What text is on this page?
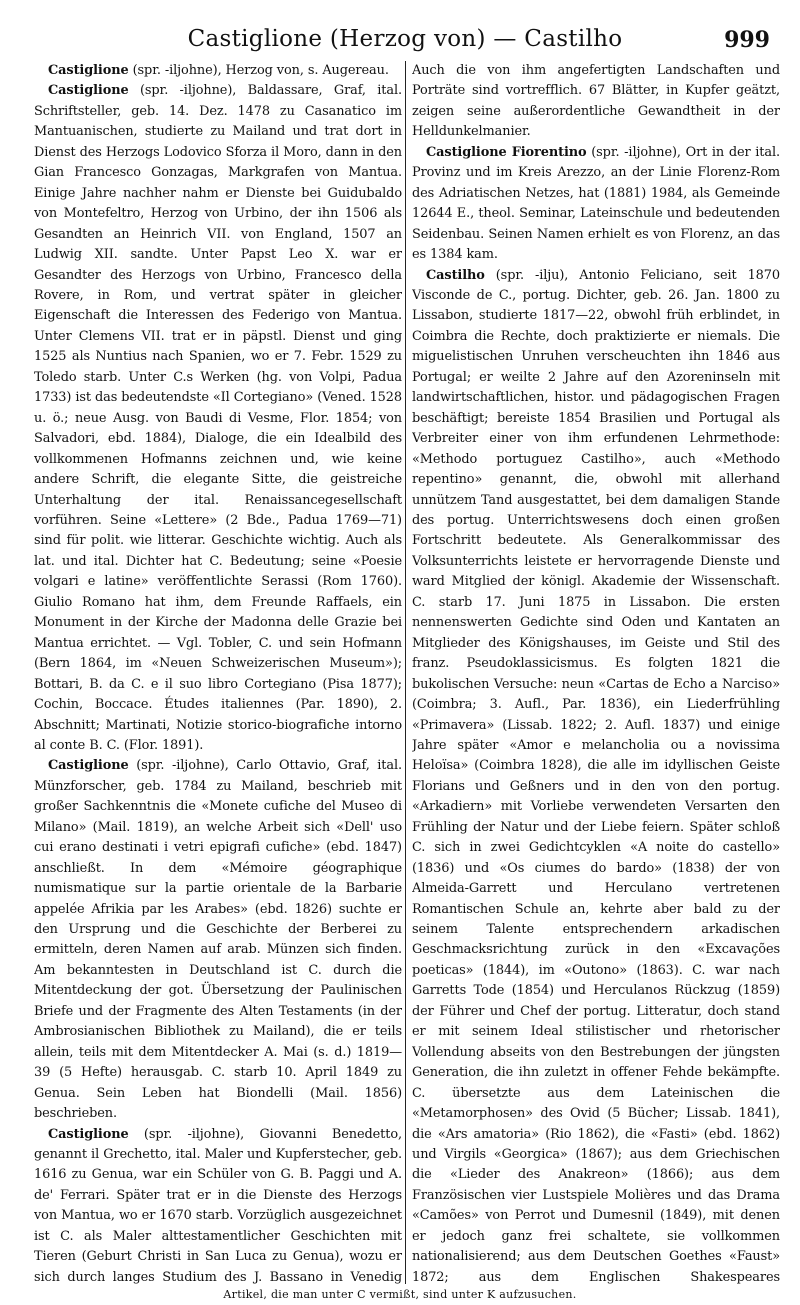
Castiglione (Herzog von) — Castilho	999

Castiglione (spr. -iljohne), Herzog von, s. Augereau.

Castiglione (spr. -iljohne), Baldassare, Graf, ital. Schriftsteller, geb. 14. Dez. 1478 zu Casanatico im Mantuanischen, studierte zu Mailand und trat dort in Dienst des Herzogs Lodovico Sforza il Moro, dann in den Gian Francesco Gonzagas, Markgrafen von Mantua. Einige Jahre nachher nahm er Dienste bei Guidubaldo von Montefeltro, Herzog von Urbino, der ihn 1506 als Gesandten an Heinrich VII. von England, 1507 an Ludwig XII. sandte. Unter Papst Leo X. war er Gesandter des Herzogs von Urbino, Francesco della Rovere, in Rom, und vertrat später in gleicher Eigenschaft die Interessen des Federigo von Mantua. Unter Clemens VII. trat er in päpstl. Dienst und ging 1525 als Nuntius nach Spanien, wo er 7. Febr. 1529 zu Toledo starb. Unter C.s Werken (hg. von Volpi, Padua 1733) ist das bedeutendste «Il Cortegiano» (Vened. 1528 u. ö.; neue Ausg. von Baudi di Vesme, Flor. 1854; von Salvadori, ebd. 1884), Dialoge, die ein Idealbild des vollkommenen Hofmanns zeichnen und, wie keine andere Schrift, die elegante Sitte, die geistreiche Unterhaltung der ital. Renaissancegesellschaft vorführen. Seine «Lettere» (2 Bde., Padua 1769—71) sind für polit. wie litterar. Geschichte wichtig. Auch als lat. und ital. Dichter hat C. Bedeutung; seine «Poesie volgari e latine» veröffentlichte Serassi (Rom 1760). Giulio Romano hat ihm, dem Freunde Raffaels, ein Monument in der Kirche der Madonna delle Grazie bei Mantua errichtet. — Vgl. Tobler, C. und sein Hofmann (Bern 1864, im «Neuen Schweizerischen Museum»); Bottari, B. da C. e il suo libro Cortegiano (Pisa 1877); Cochin, Boccace. Études italiennes (Par. 1890), 2. Abschnitt; Martinati, Notizie storico-biografiche intorno al conte B. C. (Flor. 1891).

Castiglione (spr. -iljohne), Carlo Ottavio, Graf, ital. Münzforscher, geb. 1784 zu Mailand, beschrieb mit großer Sachkenntnis die «Monete cufiche del Museo di Milano» (Mail. 1819), an welche Arbeit sich «Dell' uso cui erano destinati i vetri epigrafi cufiche» (ebd. 1847) anschließt. In dem «Mémoire géographique numismatique sur la partie orientale de la Barbarie appelée Afrikia par les Arabes» (ebd. 1826) suchte er den Ursprung und die Geschichte der Berberei zu ermitteln, deren Namen auf arab. Münzen sich finden. Am bekanntesten in Deutschland ist C. durch die Mitentdeckung der got. Übersetzung der Paulinischen Briefe und der Fragmente des Alten Testaments (in der Ambrosianischen Bibliothek zu Mailand), die er teils allein, teils mit dem Mitentdecker A. Mai (s. d.) 1819—39 (5 Hefte) herausgab. C. starb 10. April 1849 zu Genua. Sein Leben hat Biondelli (Mail. 1856) beschrieben.

Castiglione (spr. -iljohne), Giovanni Benedetto, genannt il Grechetto, ital. Maler und Kupferstecher, geb. 1616 zu Genua, war ein Schüler von G. B. Paggi und A. de' Ferrari. Später trat er in die Dienste des Herzogs von Mantua, wo er 1670 starb. Vorzüglich ausgezeichnet ist C. als Maler alttestamentlicher Geschichten mit Tieren (Geburt Christi in San Luca zu Genua), wozu er sich durch langes Studium des J. Bassano in Venedig

Auch die von ihm angefertigten Landschaften und Porträte sind vortrefflich. 67 Blätter, in Kupfer geätzt, zeigen seine außerordentliche Gewandtheit in der Helldunkelmanier.

Castiglione Fiorentino (spr. -iljohne), Ort in der ital. Provinz und im Kreis Arezzo, an der Linie Florenz-Rom des Adriatischen Netzes, hat (1881) 1984, als Gemeinde 12644 E., theol. Seminar, Lateinschule und bedeutenden Seidenbau. Seinen Namen erhielt es von Florenz, an das es 1384 kam.

Castilho (spr. -ilju), Antonio Feliciano, seit 1870 Visconde de C., portug. Dichter, geb. 26. Jan. 1800 zu Lissabon, studierte 1817—22, obwohl früh erblindet, in Coimbra die Rechte, doch praktizierte er niemals. Die miguelistischen Unruhen verscheuchten ihn 1846 aus Portugal; er weilte 2 Jahre auf den Azoreninseln mit landwirtschaftlichen, histor. und pädagogischen Fragen beschäftigt; bereiste 1854 Brasilien und Portugal als Verbreiter einer von ihm erfundenen Lehrmethode: «Methodo portuguez Castilho», auch «Methodo repentino» genannt, die, obwohl mit allerhand unnützem Tand ausgestattet, bei dem damaligen Stande des portug. Unterrichtswesens doch einen großen Fortschritt bedeutete. Als Generalkommissar des Volksunterrichts leistete er hervorragende Dienste und ward Mitglied der königl. Akademie der Wissenschaft. C. starb 17. Juni 1875 in Lissabon. Die ersten nennenswerten Gedichte sind Oden und Kantaten an Mitglieder des Königshauses, im Geiste und Stil des franz. Pseudoklassicismus. Es folgten 1821 die bukolischen Versuche: neun «Cartas de Echo a Narciso» (Coimbra; 3. Aufl., Par. 1836), ein Liederfrühling «Primavera» (Lissab. 1822; 2. Aufl. 1837) und einige Jahre später «Amor e melancholia ou a novissima Heloïsa» (Coimbra 1828), die alle im idyllischen Geiste Florians und Geßners und in den von den portug. «Arkadiern» mit Vorliebe verwendeten Versarten den Frühling der Natur und der Liebe feiern. Später schloß C. sich in zwei Gedichtcyklen «A noite do castello» (1836) und «Os ciumes do bardo» (1838) der von Almeida-Garrett und Herculano vertretenen Romantischen Schule an, kehrte aber bald zu der seinem Talente entsprechendern arkadischen Geschmacksrichtung zurück in den «Excavações poeticas» (1844), im «Outono» (1863). C. war nach Garretts Tode (1854) und Herculanos Rückzug (1859) der Führer und Chef der portug. Litteratur, doch stand er mit seinem Ideal stilistischer und rhetorischer Vollendung abseits von den Bestrebungen der jüngsten Generation, die ihn zuletzt in offener Fehde bekämpfte. C. übersetzte aus dem Lateinischen die «Metamorphosen» des Ovid (5 Bücher; Lissab. 1841), die «Ars amatoria» (Rio 1862), die «Fasti» (ebd. 1862) und Virgils «Georgica» (1867); aus dem Griechischen die «Lieder des Anakreon» (1866); aus dem Französischen vier Lustspiele Molières und das Drama «Camões» von Perrot und Dumesnil (1849), mit denen er jedoch ganz frei schaltete, sie vollkommen nationalisierend; aus dem Deutschen Goethes «Faust» 1872; aus dem Englischen Shakespeares

Artikel, die man unter C vermißt, sind unter K aufzusuchen.
